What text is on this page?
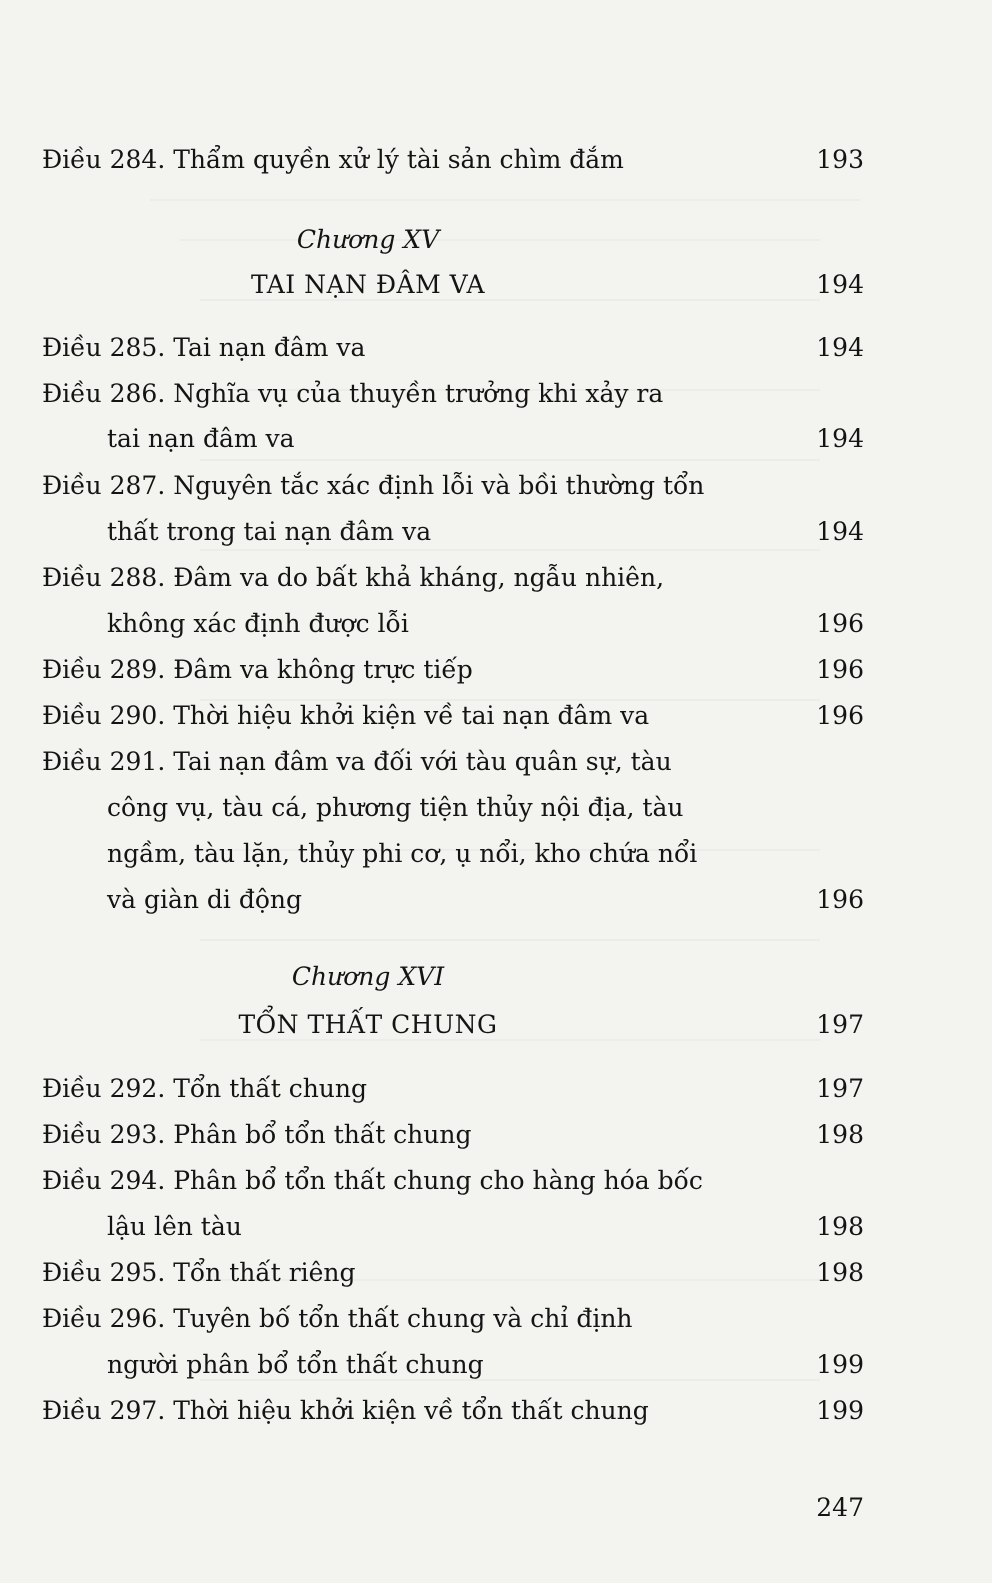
Điều 284. Thẩm quyền xử lý tài sản chìm đắm	193
Chương XV
TAI NẠN ĐÂM VA	194
Điều 285. Tai nạn đâm va	194
Điều 286. Nghĩa vụ của thuyền trưởng khi xảy ra
tai nạn đâm va	194
Điều 287. Nguyên tắc xác định lỗi và bồi thường tổn
thất trong tai nạn đâm va	194
Điều 288. Đâm va do bất khả kháng, ngẫu nhiên,
không xác định được lỗi	196
Điều 289. Đâm va không trực tiếp	196
Điều 290. Thời hiệu khởi kiện về tai nạn đâm va	196
Điều 291. Tai nạn đâm va đối với tàu quân sự, tàu
công vụ, tàu cá, phương tiện thủy nội địa, tàu
ngầm, tàu lặn, thủy phi cơ, ụ nổi, kho chứa nổi
và giàn di động	196
Chương XVI
TỔN THẤT CHUNG	197
Điều 292. Tổn thất chung	197
Điều 293. Phân bổ tổn thất chung	198
Điều 294. Phân bổ tổn thất chung cho hàng hóa bốc
lậu lên tàu	198
Điều 295. Tổn thất riêng	198
Điều 296. Tuyên bố tổn thất chung và chỉ định
người phân bổ tổn thất chung	199
Điều 297. Thời hiệu khởi kiện về tổn thất chung	199
247
